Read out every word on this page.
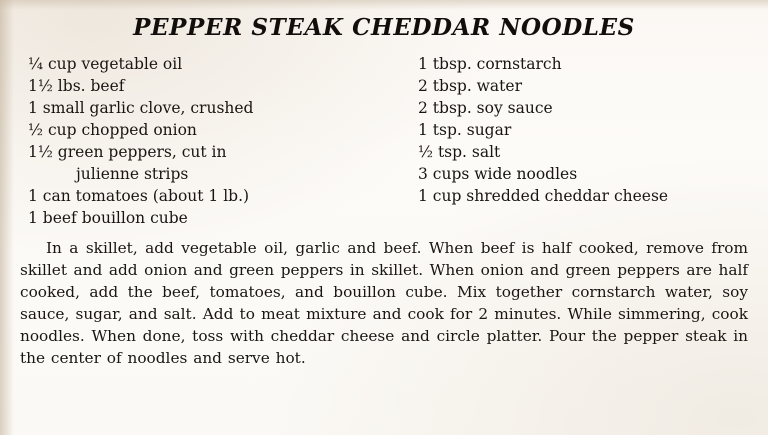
PEPPER STEAK CHEDDAR NOODLES
¼ cup vegetable oil
1½ lbs. beef
1 small garlic clove, crushed
½ cup chopped onion
1½ green peppers, cut in
julienne strips
1 can tomatoes (about 1 lb.)
1 beef bouillon cube
1 tbsp. cornstarch
2 tbsp. water
2 tbsp. soy sauce
1 tsp. sugar
½ tsp. salt
3 cups wide noodles
1 cup shredded cheddar cheese

In a skillet, add vegetable oil, garlic and beef. When beef is half cooked, remove from skillet and add onion and green peppers in skillet. When onion and green peppers are half cooked, add the beef, tomatoes, and bouillon cube. Mix together cornstarch water, soy sauce, sugar, and salt. Add to meat mixture and cook for 2 minutes. While simmering, cook noodles. When done, toss with cheddar cheese and circle platter. Pour the pepper steak in the center of noodles and serve hot.
